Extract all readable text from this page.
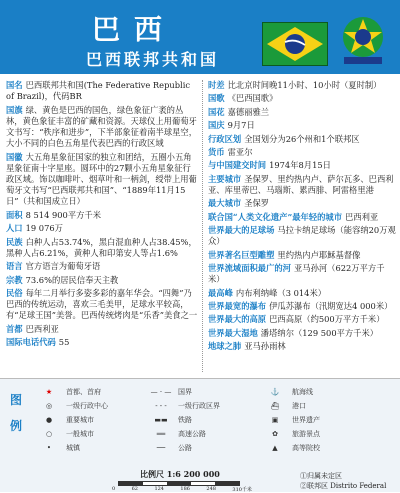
巴西
巴西联邦共和国
国名 巴西联邦共和国(The Federative Republic of Brazil)，代码BR
国旗 绿、黄色是巴西的国色，绿色象征广袤的丛林，黄色象征丰富的矿藏和资源。天球仪上用葡萄牙文书写：“秩序和进步”，下半部象征着南半球星空，大小不同的白色五角星代表巴西的行政区域
国徽 大五角星象征国家的独立和团结，五圈小五角星象征南十字星座。圆环中的27颗小五角星象征行政区域。饰以咖啡叶、烟草叶和一柄剑，绶带上用葡萄牙文书写“巴西联邦共和国”、“1889年11月15日”（共和国成立日）
面积 8 514 900平方千米
人口 19 076万
民族 白种人占53.74%，黑白混血种人占38.45%，黑种人占6.21%，黄种人和印第安人等占1.6%
语言 官方语言为葡萄牙语
宗教 73.6%的居民信奉天主教
民俗 每年二月举行多姿多彩的嘉年华会。“四舞”乃巴西的传统运动，喜欢三毛美甲，足球水平较高，有“足球王国”美誉。巴西传统烤肉是“乐香”美食之一
首都 巴西利亚
国际电话代码 55
时差 比北京时间晚11小时、10小时（夏时制）
国歌 《巴西国歌》
国花 嘉德丽雅兰
国庆 9月7日
行政区划 全国划分为26个州和1个联邦区
货币 雷亚尔
与中国建交时间 1974年8月15日
主要城市 圣保罗、里约热内卢、萨尔瓦多、巴西利亚、库里蒂巴、马瑙斯、累西腓、阿雷格里港
最大城市 圣保罗
联合国“人类文化遗产”最年轻的城市 巴西利亚
世界最大的足球场 马拉卡纳足球场（能容纳20万观众）
世界著名巨型雕塑 里约热内卢耶稣基督像
世界流域面积最广的河 亚马孙河（622万平方千米）
最高峰 内布利纳峰（3 014米）
世界最宽的瀑布 伊瓜苏瀑布（汛期宽达4 000米）
世界最大的高原 巴西高原（约500万平方千米）
世界最大湿地 潘塔纳尔（129 500平方千米）
地球之肺 亚马孙雨林
图例
★	首都、首府
◎	一级行政中心
●	重要城市
○	一般城市
•	城镇
— · — 国界
- - -	一级行政区界
▬▬	铁路
══	高速公路
──	公路
⚓	航海线
⛴	港口
▣	世界遗产
✿	旅游景点
▲	高等院校
比例尺 1:6 200 000
0	62	124	186	248	310千米
①归属未定区
②联邦区 Distrito Federal
